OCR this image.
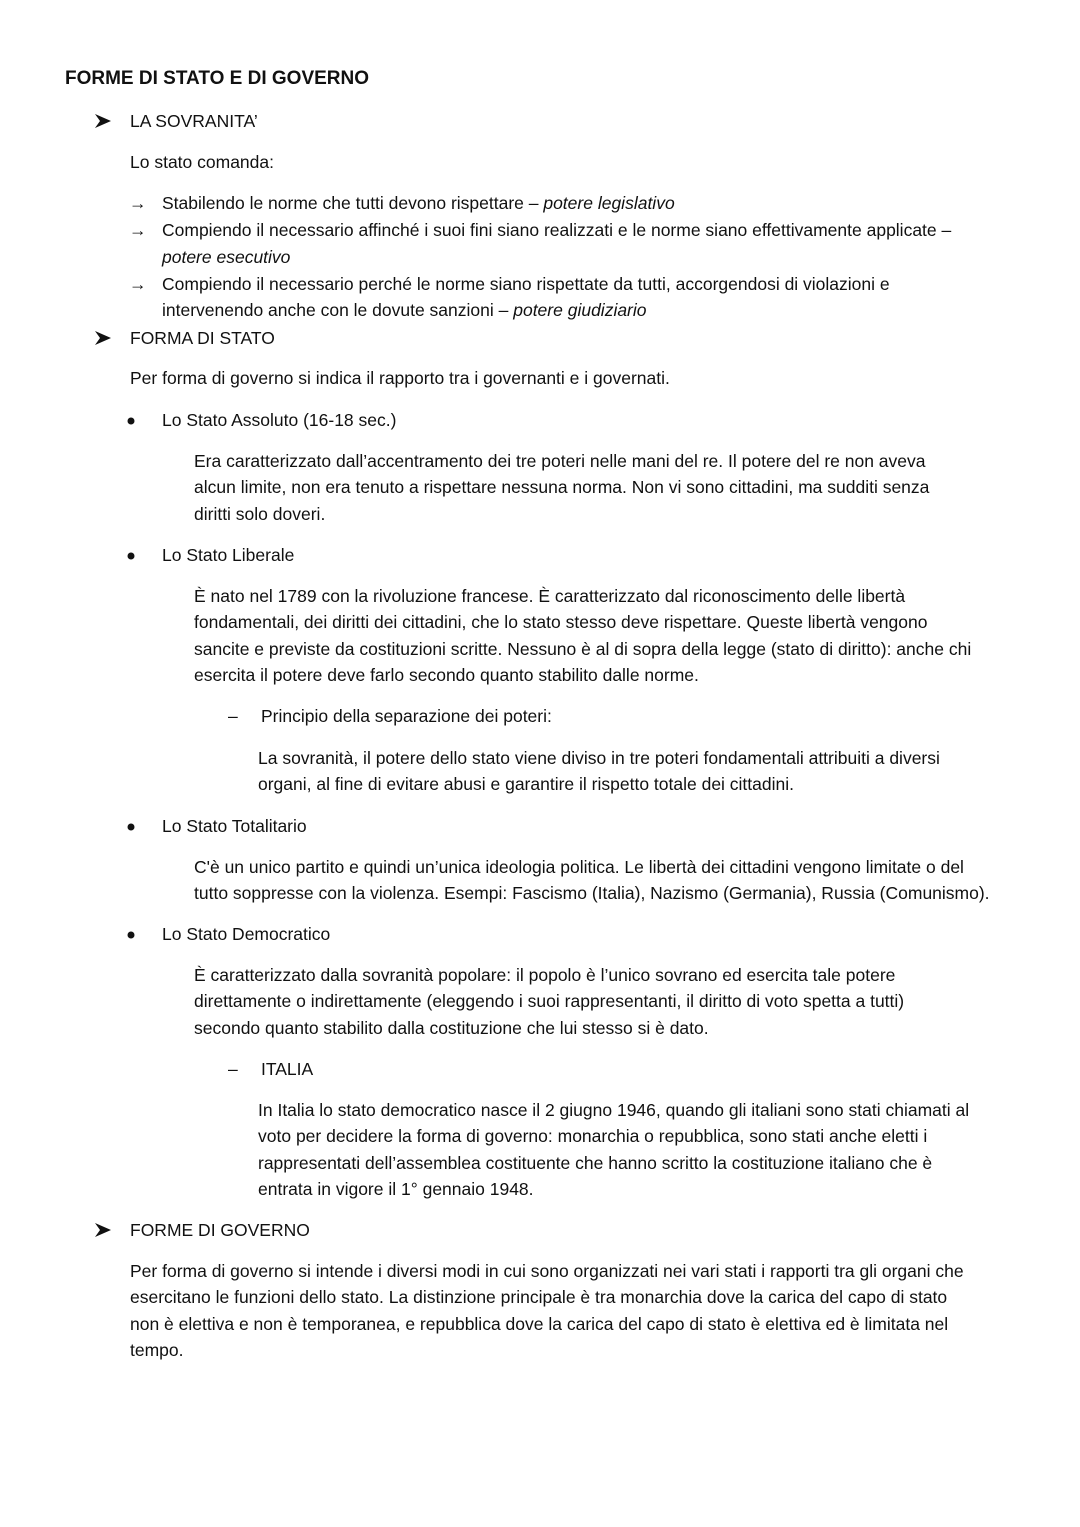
FORME DI STATO E DI GOVERNO
LA SOVRANITA’
Lo stato comanda:
→ Stabilendo le norme che tutti devono rispettare – potere legislativo
→ Compiendo il necessario affinché i suoi fini siano realizzati e le norme siano effettivamente applicate –
potere esecutivo
→ Compiendo il necessario perché le norme siano rispettate da tutti, accorgendosi di violazioni e
intervenendo anche con le dovute sanzioni – potere giudiziario
FORMA DI STATO
Per forma di governo si indica il rapporto tra i governanti e i governati.
Lo Stato Assoluto (16-18 sec.)
Era caratterizzato dall’accentramento dei tre poteri nelle mani del re. Il potere del re non aveva
alcun limite, non era tenuto a rispettare nessuna norma. Non vi sono cittadini, ma sudditi senza
diritti solo doveri.
Lo Stato Liberale
È nato nel 1789 con la rivoluzione francese. È caratterizzato dal riconoscimento delle libertà
fondamentali, dei diritti dei cittadini, che lo stato stesso deve rispettare. Queste libertà vengono
sancite e previste da costituzioni scritte. Nessuno è al di sopra della legge (stato di diritto): anche chi
esercita il potere deve farlo secondo quanto stabilito dalle norme.
– Principio della separazione dei poteri:
La sovranità, il potere dello stato viene diviso in tre poteri fondamentali attribuiti a diversi
organi, al fine di evitare abusi e garantire il rispetto totale dei cittadini.
Lo Stato Totalitario
C'è un unico partito e quindi un’unica ideologia politica. Le libertà dei cittadini vengono limitate o del
tutto soppresse con la violenza. Esempi: Fascismo (Italia), Nazismo (Germania), Russia (Comunismo).
Lo Stato Democratico
È caratterizzato dalla sovranità popolare: il popolo è l’unico sovrano ed esercita tale potere
direttamente o indirettamente (eleggendo i suoi rappresentanti, il diritto di voto spetta a tutti)
secondo quanto stabilito dalla costituzione che lui stesso si è dato.
– ITALIA
In Italia lo stato democratico nasce il 2 giugno 1946, quando gli italiani sono stati chiamati al
voto per decidere la forma di governo: monarchia o repubblica, sono stati anche eletti i
rappresentati dell’assemblea costituente che hanno scritto la costituzione italiano che è
entrata in vigore il 1° gennaio 1948.
FORME DI GOVERNO
Per forma di governo si intende i diversi modi in cui sono organizzati nei vari stati i rapporti tra gli organi che
esercitano le funzioni dello stato. La distinzione principale è tra monarchia dove la carica del capo di stato
non è elettiva e non è temporanea, e repubblica dove la carica del capo di stato è elettiva ed è limitata nel
tempo.
